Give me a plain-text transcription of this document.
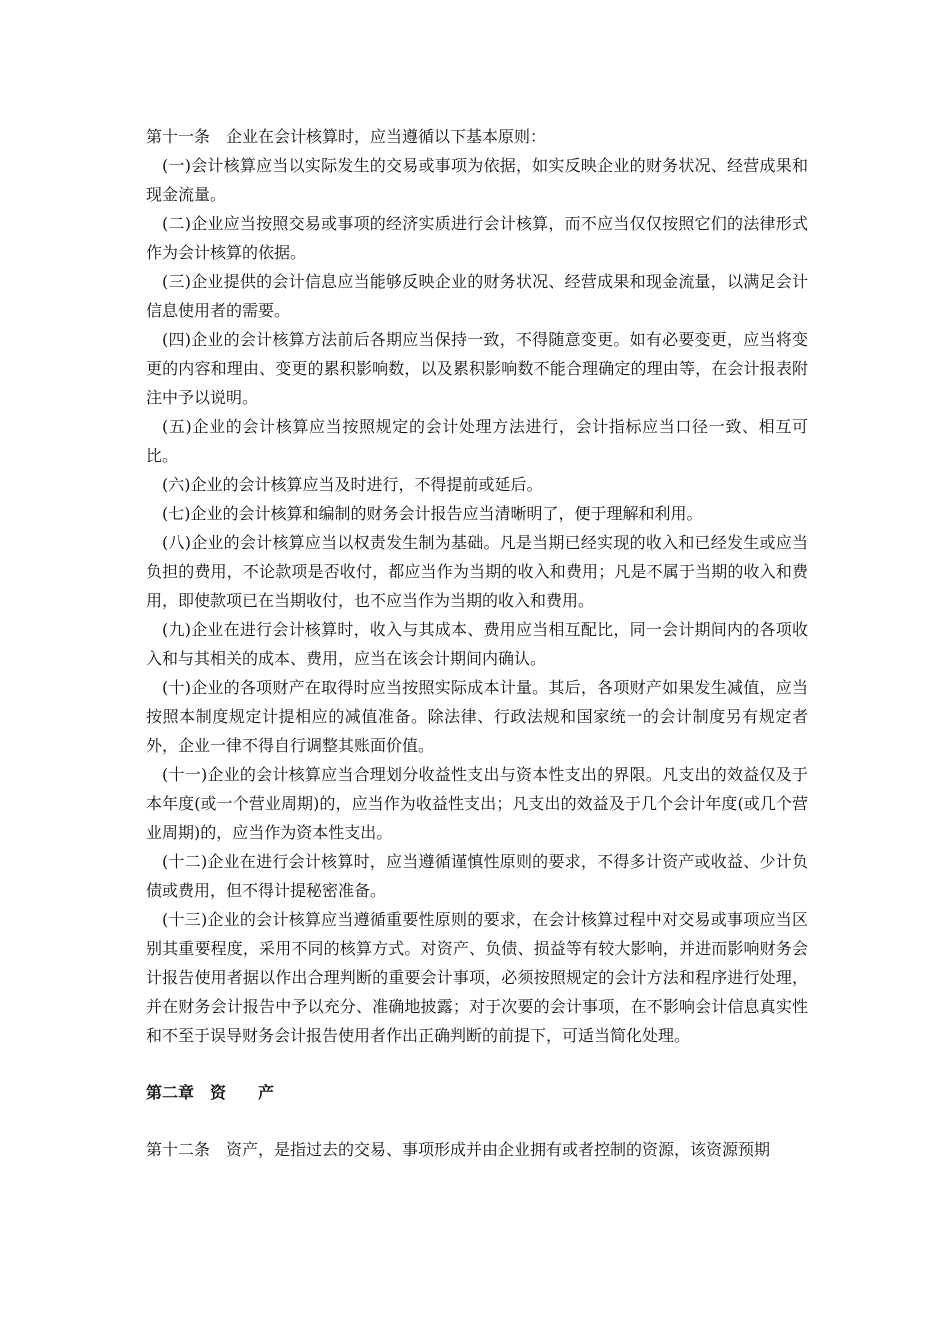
第十一条　 企业在会计核算时，应当遵循以下基本原则：

(一)会计核算应当以实际发生的交易或事项为依据，如实反映企业的财务状况、经营成果和现金流量。

(二)企业应当按照交易或事项的经济实质进行会计核算，而不应当仅仅按照它们的法律形式作为会计核算的依据。

(三)企业提供的会计信息应当能够反映企业的财务状况、经营成果和现金流量，以满足会计信息使用者的需要。

(四)企业的会计核算方法前后各期应当保持一致，不得随意变更。如有必要变更，应当将变更的内容和理由、变更的累积影响数，以及累积影响数不能合理确定的理由等，在会计报表附注中予以说明。

(五)企业的会计核算应当按照规定的会计处理方法进行，会计指标应当口径一致、相互可比。

(六)企业的会计核算应当及时进行，不得提前或延后。

(七)企业的会计核算和编制的财务会计报告应当清晰明了，便于理解和利用。

(八)企业的会计核算应当以权责发生制为基础。凡是当期已经实现的收入和已经发生或应当负担的费用，不论款项是否收付，都应当作为当期的收入和费用；凡是不属于当期的收入和费用，即使款项已在当期收付，也不应当作为当期的收入和费用。

(九)企业在进行会计核算时，收入与其成本、费用应当相互配比，同一会计期间内的各项收入和与其相关的成本、费用，应当在该会计期间内确认。

(十)企业的各项财产在取得时应当按照实际成本计量。其后，各项财产如果发生减值，应当按照本制度规定计提相应的减值准备。除法律、行政法规和国家统一的会计制度另有规定者外，企业一律不得自行调整其账面价值。

(十一)企业的会计核算应当合理划分收益性支出与资本性支出的界限。凡支出的效益仅及于本年度(或一个营业周期)的，应当作为收益性支出；凡支出的效益及于几个会计年度(或几个营业周期)的，应当作为资本性支出。

(十二)企业在进行会计核算时，应当遵循谨慎性原则的要求，不得多计资产或收益、少计负债或费用，但不得计提秘密准备。

(十三)企业的会计核算应当遵循重要性原则的要求，在会计核算过程中对交易或事项应当区别其重要程度，采用不同的核算方式。对资产、负债、损益等有较大影响，并进而影响财务会计报告使用者据以作出合理判断的重要会计事项，必须按照规定的会计方法和程序进行处理，并在财务会计报告中予以充分、准确地披露；对于次要的会计事项，在不影响会计信息真实性和不至于误导财务会计报告使用者作出正确判断的前提下，可适当简化处理。

第二章　 资　　产

第十二条　 资产，是指过去的交易、事项形成并由企业拥有或者控制的资源，该资源预期
